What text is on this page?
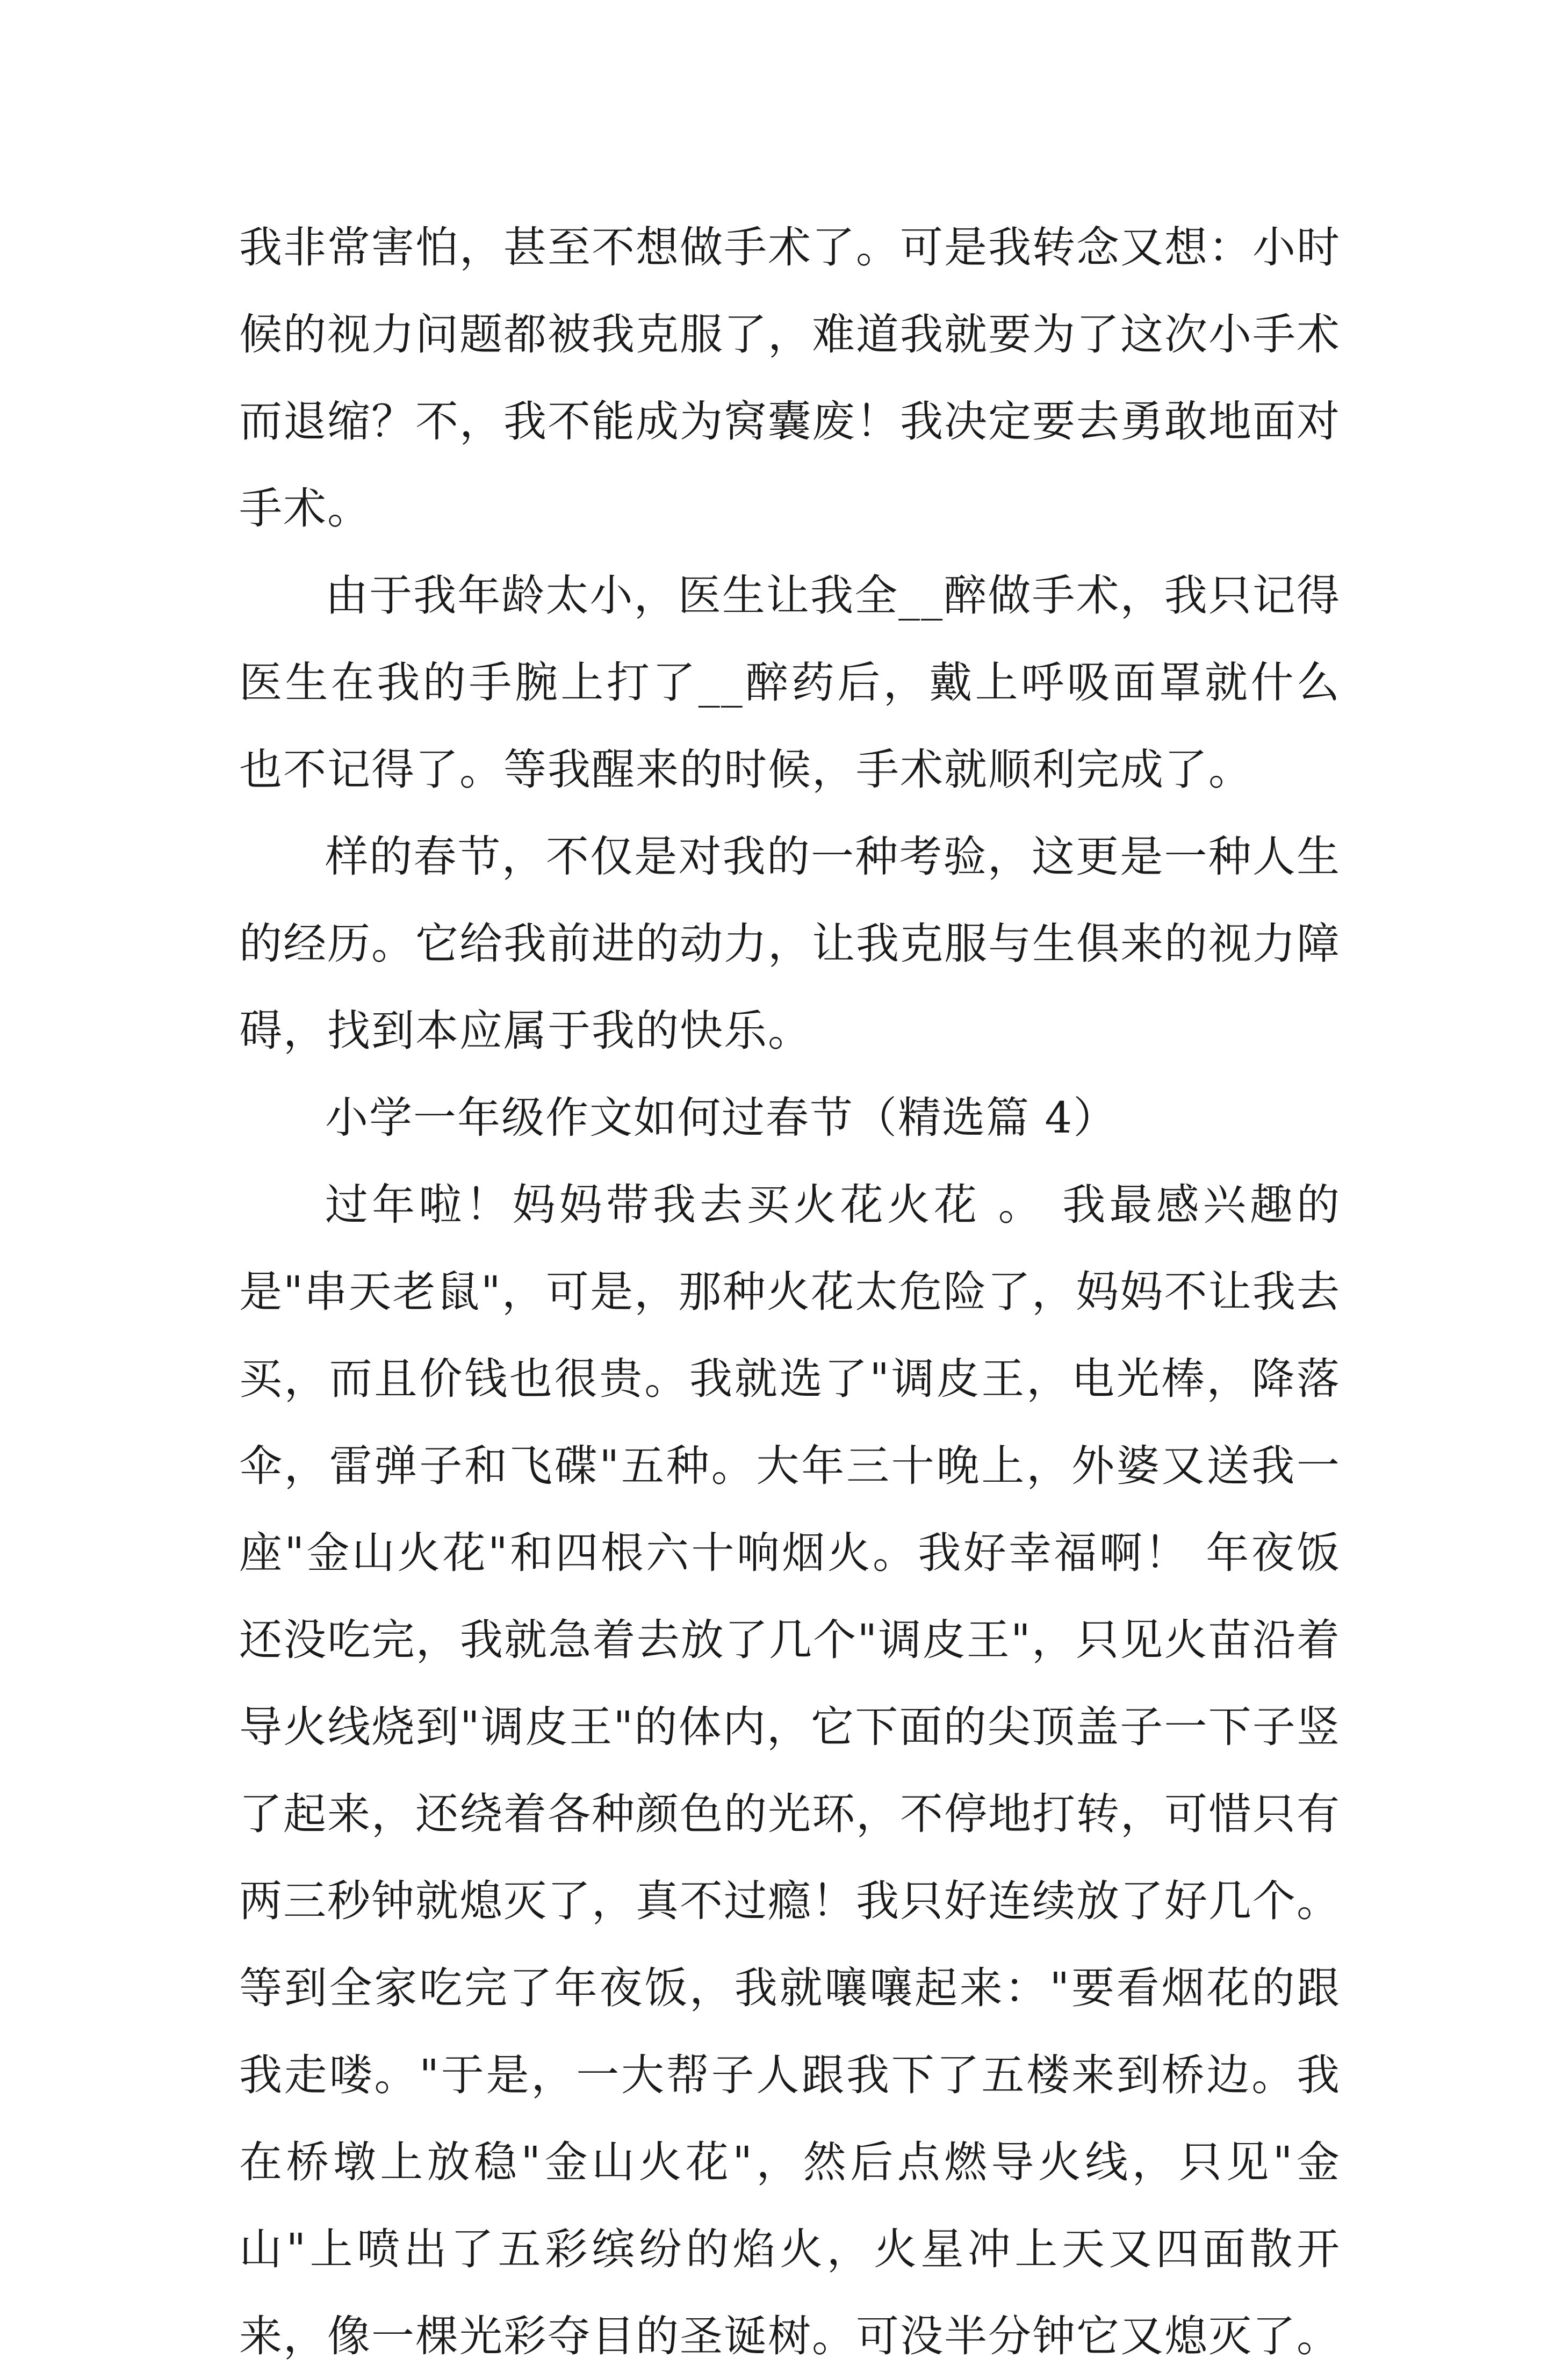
我非常害怕，甚至不想做手术了。可是我转念又想：小时候的视力问题都被我克服了，难道我就要为了这次小手术而退缩？不，我不能成为窝囊废！我决定要去勇敢地面对手术。

由于我年龄太小，医生让我全__醉做手术，我只记得医生在我的手腕上打了__醉药后，戴上呼吸面罩就什么也不记得了。等我醒来的时候，手术就顺利完成了。

样的春节，不仅是对我的一种考验，这更是一种人生的经历。它给我前进的动力，让我克服与生俱来的视力障碍，找到本应属于我的快乐。

小学一年级作文如何过春节（精选篇 4）

过年啦！妈妈带我去买火花火花 。 我最感兴趣的是"串天老鼠"，可是，那种火花太危险了，妈妈不让我去买，而且价钱也很贵。我就选了"调皮王，电光棒，降落伞，雷弹子和飞碟"五种。大年三十晚上，外婆又送我一座"金山火花"和四根六十响烟火。我好幸福啊！ 年夜饭还没吃完，我就急着去放了几个"调皮王"，只见火苗沿着导火线烧到"调皮王"的体内，它下面的尖顶盖子一下子竖了起来，还绕着各种颜色的光环，不停地打转，可惜只有两三秒钟就熄灭了，真不过瘾！我只好连续放了好几个。 等到全家吃完了年夜饭，我就嚷嚷起来："要看烟花的跟我走喽。"于是，一大帮子人跟我下了五楼来到桥边。我在桥墩上放稳"金山火花"，然后点燃导火线，只见"金山"上喷出了五彩缤纷的焰火，火星冲上天又四面散开来，像一棵光彩夺目的圣诞树。可没半分钟它又熄灭了。
